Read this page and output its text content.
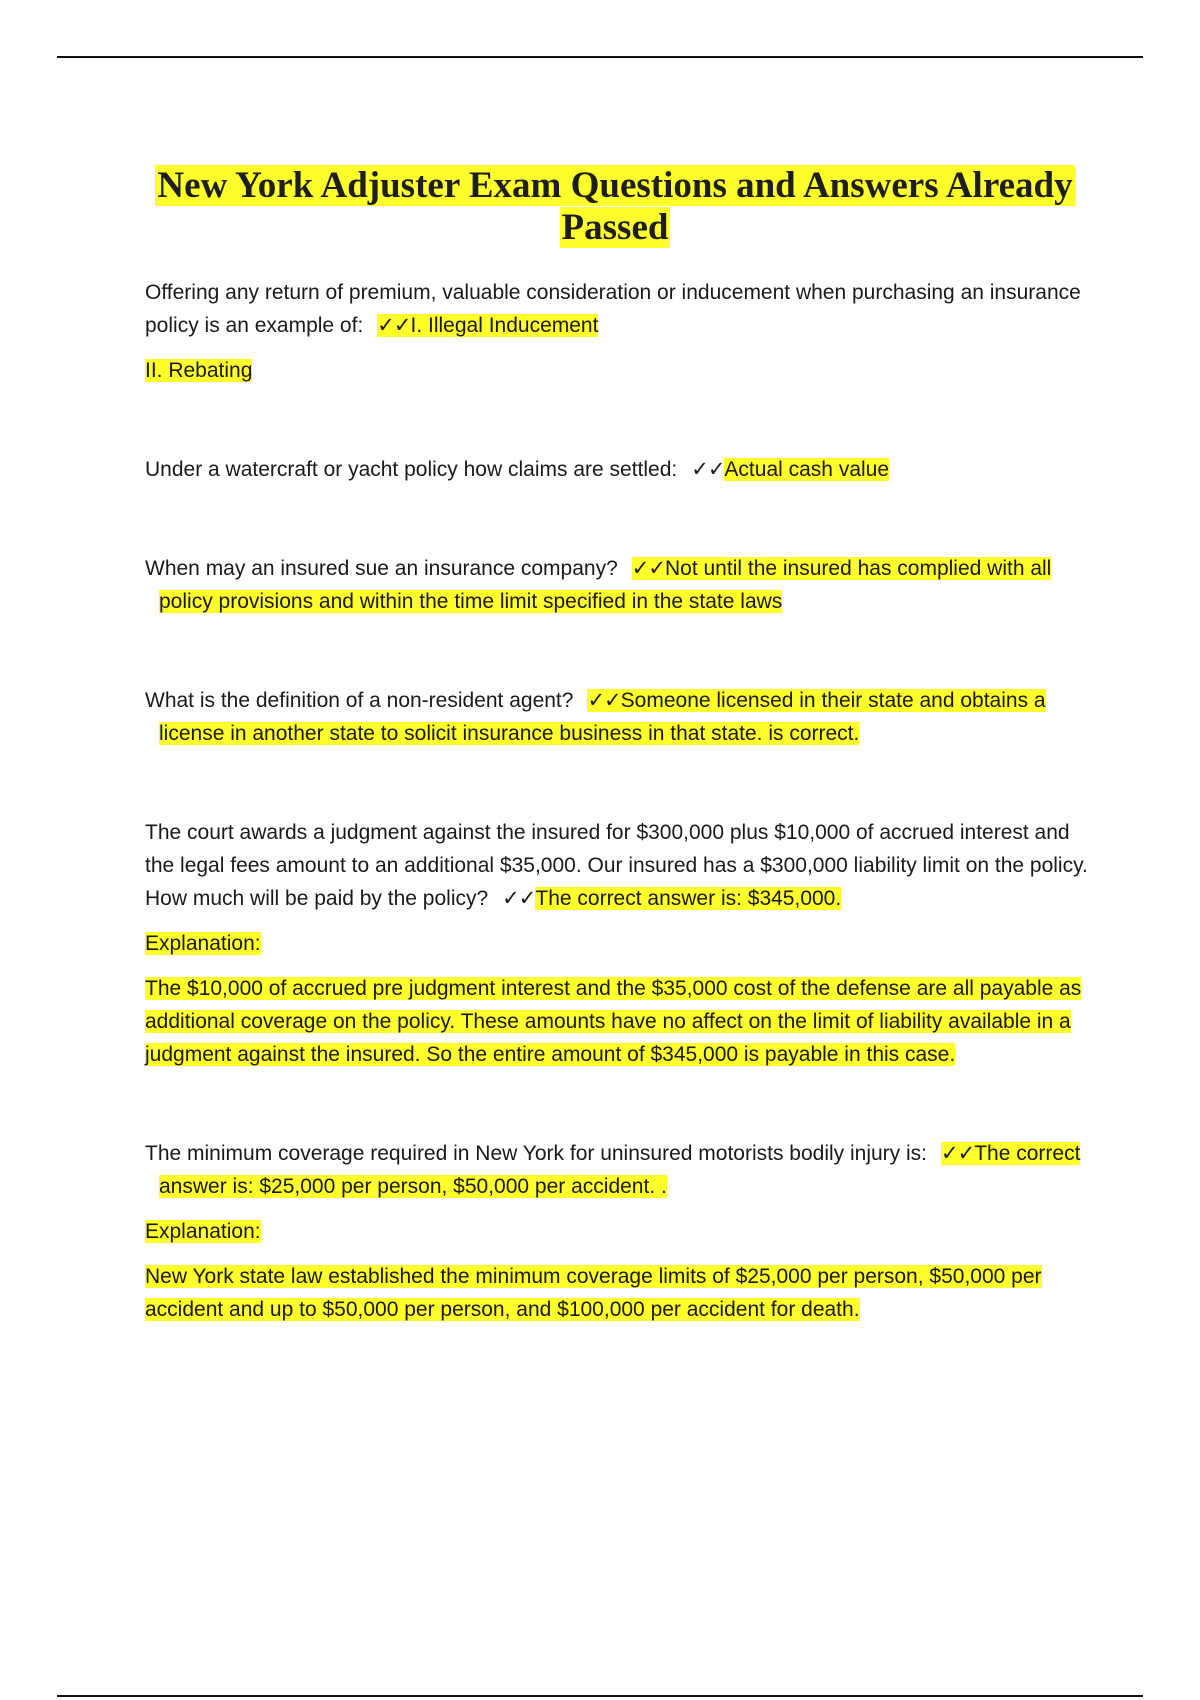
New York Adjuster Exam Questions and Answers Already
Passed

Offering any return of premium, valuable consideration or inducement when purchasing an insurance policy is an example of: ✓✓I. Illegal Inducement

II. Rebating

Under a watercraft or yacht policy how claims are settled: ✓✓Actual cash value

When may an insured sue an insurance company? ✓✓Not until the insured has complied with all policy provisions and within the time limit specified in the state laws

What is the definition of a non-resident agent? ✓✓Someone licensed in their state and obtains a license in another state to solicit insurance business in that state. is correct.

The court awards a judgment against the insured for $300,000 plus $10,000 of accrued interest and the legal fees amount to an additional $35,000. Our insured has a $300,000 liability limit on the policy. How much will be paid by the policy? ✓✓The correct answer is: $345,000.

Explanation:

The $10,000 of accrued pre judgment interest and the $35,000 cost of the defense are all payable as additional coverage on the policy. These amounts have no affect on the limit of liability available in a judgment against the insured. So the entire amount of $345,000 is payable in this case.

The minimum coverage required in New York for uninsured motorists bodily injury is: ✓✓The correct answer is: $25,000 per person, $50,000 per accident. .

Explanation:

New York state law established the minimum coverage limits of $25,000 per person, $50,000 per accident and up to $50,000 per person, and $100,000 per accident for death.
